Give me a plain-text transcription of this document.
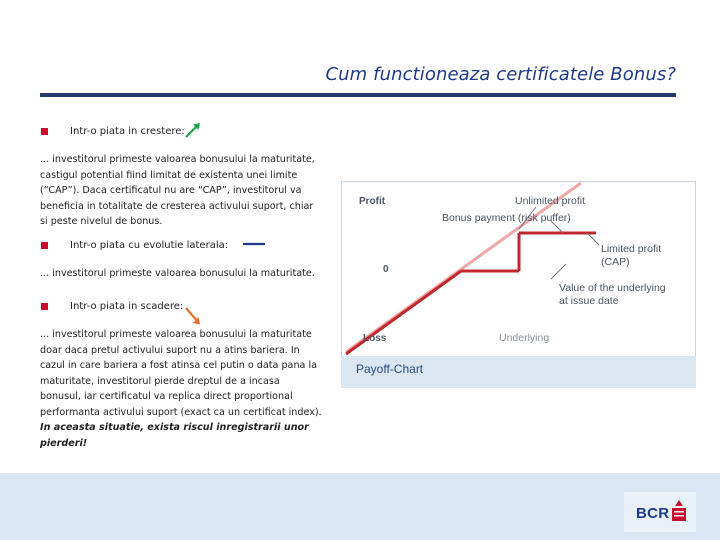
Cum functioneaza certificatele Bonus?
Intr-o piata in crestere:
... investitorul primeste valoarea bonusului la maturitate, castigul potential fiind limitat de existenta unei limite (“CAP”). Daca certificatul nu are “CAP”, investitorul va beneficia in totalitate de cresterea activului suport, chiar si peste nivelul de bonus.
Intr-o piata cu evolutie laterala:
... investitorul primeste valoarea bonusului la maturitate.
Intr-o piata in scadere:
... investitorul primeste valoarea bonusului la maturitate doar daca pretul activului suport nu a atins bariera. In cazul in care bariera a fost atinsa cel putin o data pana la maturitate, investitorul pierde dreptul de a incasa bonusul, iar certificatul va replica direct proportional performanta activului suport (exact ca un certificat index). In aceasta situatie, exista riscul inregistrarii unor pierderi!
Profit
0
Loss
Unlimited profit
Bonus payment (risk puffer)
Limited profit
(CAP)
Value of the underlying
at issue date
Underlying
Payoff-Chart
BCR
